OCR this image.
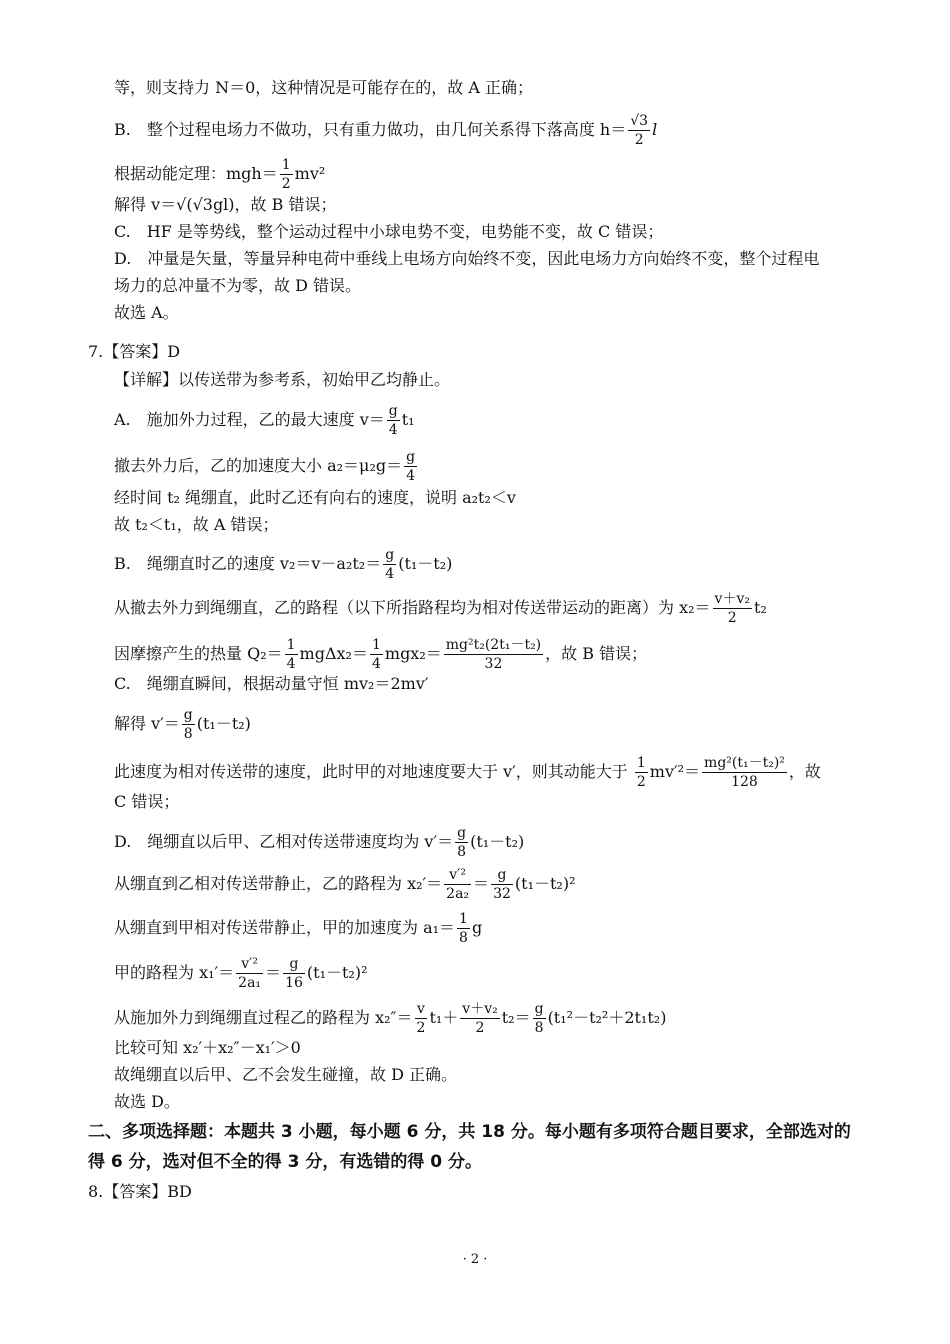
等，则支持力 N＝0，这种情况是可能存在的，故 A 正确；
B.　整个过程电场力不做功，只有重力做功，由几何关系得下落高度 $h= \frac{√3}{2}$ l
根据动能定理：$mgh= \frac{1}{2} mv^2$
解得 v＝√(√3gl)，故 B 错误；
C.　HF 是等势线，整个运动过程中小球电势不变，电势能不变，故 C 错误；
D.　冲量是矢量，等量异种电荷中垂线上电场方向始终不变，因此电场力方向始终不变，整个过程电
场力的总冲量不为零，故 D 错误。
故选 A。
7.【答案】D
【详解】以传送带为参考系，初始甲乙均静止。
A.　施加外力过程，乙的最大速度 $v= \frac{g}{4} t_1$
撤去外力后，乙的加速度大小 $a_2=\mu_2g= \frac{g}{4}$
经时间 t₂ 绳绷直，此时乙还有向右的速度，说明 a₂t₂＜v
故 t₂＜t₁，故 A 错误；
B.　绳绷直时乙的速度 $v_2=v-a_2t_2= \frac{g}{4} (t_1-t_2)$
从撤去外力到绳绷直，乙的路程（以下所指路程均为相对传送带运动的距离）为 $x_2= \frac{\text{v＋v₂}}{2} t_2$
因摩擦产生的热量 $Q_2= \frac{1}{4} mg\Delta x_2= \frac{1}{4} mgx_2= \frac{\text{mg²t₂(2t₁－t₂)}}{32}$ ，故 B 错误；
C.　绳绷直瞬间，根据动量守恒 mv₂＝2mv′
解得 $v'= \frac{g}{8} (t_1-t_2)$
此速度为相对传送带的速度，此时甲的对地速度要大于 v′，则其动能大于 $\frac{1}{2} mv'^2= \frac{\text{mg²(t₁－t₂)²}}{128}$ ，故
C 错误；
D.　绳绷直以后甲、乙相对传送带速度均为 $v'= \frac{g}{8} (t_1-t_2)$
从绷直到乙相对传送带静止，乙的路程为 $x_2'= \frac{\text{v′²}}{\text{2a₂}} = \frac{g}{32} (t_1-t_2)^2$
从绷直到甲相对传送带静止，甲的加速度为 $a_1= \frac{1}{8}$ g
甲的路程为 $x_1'= \frac{\text{v′²}}{\text{2a₁}} = \frac{g}{16} (t_1-t_2)^2$
从施加外力到绳绷直过程乙的路程为 $x_2''= \frac{v}{2} t_1+ \frac{\text{v＋v₂}}{2} t_2= \frac{g}{8} (t_1^2-t_2^2+2t_1t_2)$
比较可知 x₂′＋x₂″－x₁′＞0
故绳绷直以后甲、乙不会发生碰撞，故 D 正确。
故选 D。
二、多项选择题：本题共 3 小题，每小题 6 分，共 18 分。每小题有多项符合题目要求，全部选对的
得 6 分，选对但不全的得 3 分，有选错的得 0 分。
8.【答案】BD
· 2 ·
